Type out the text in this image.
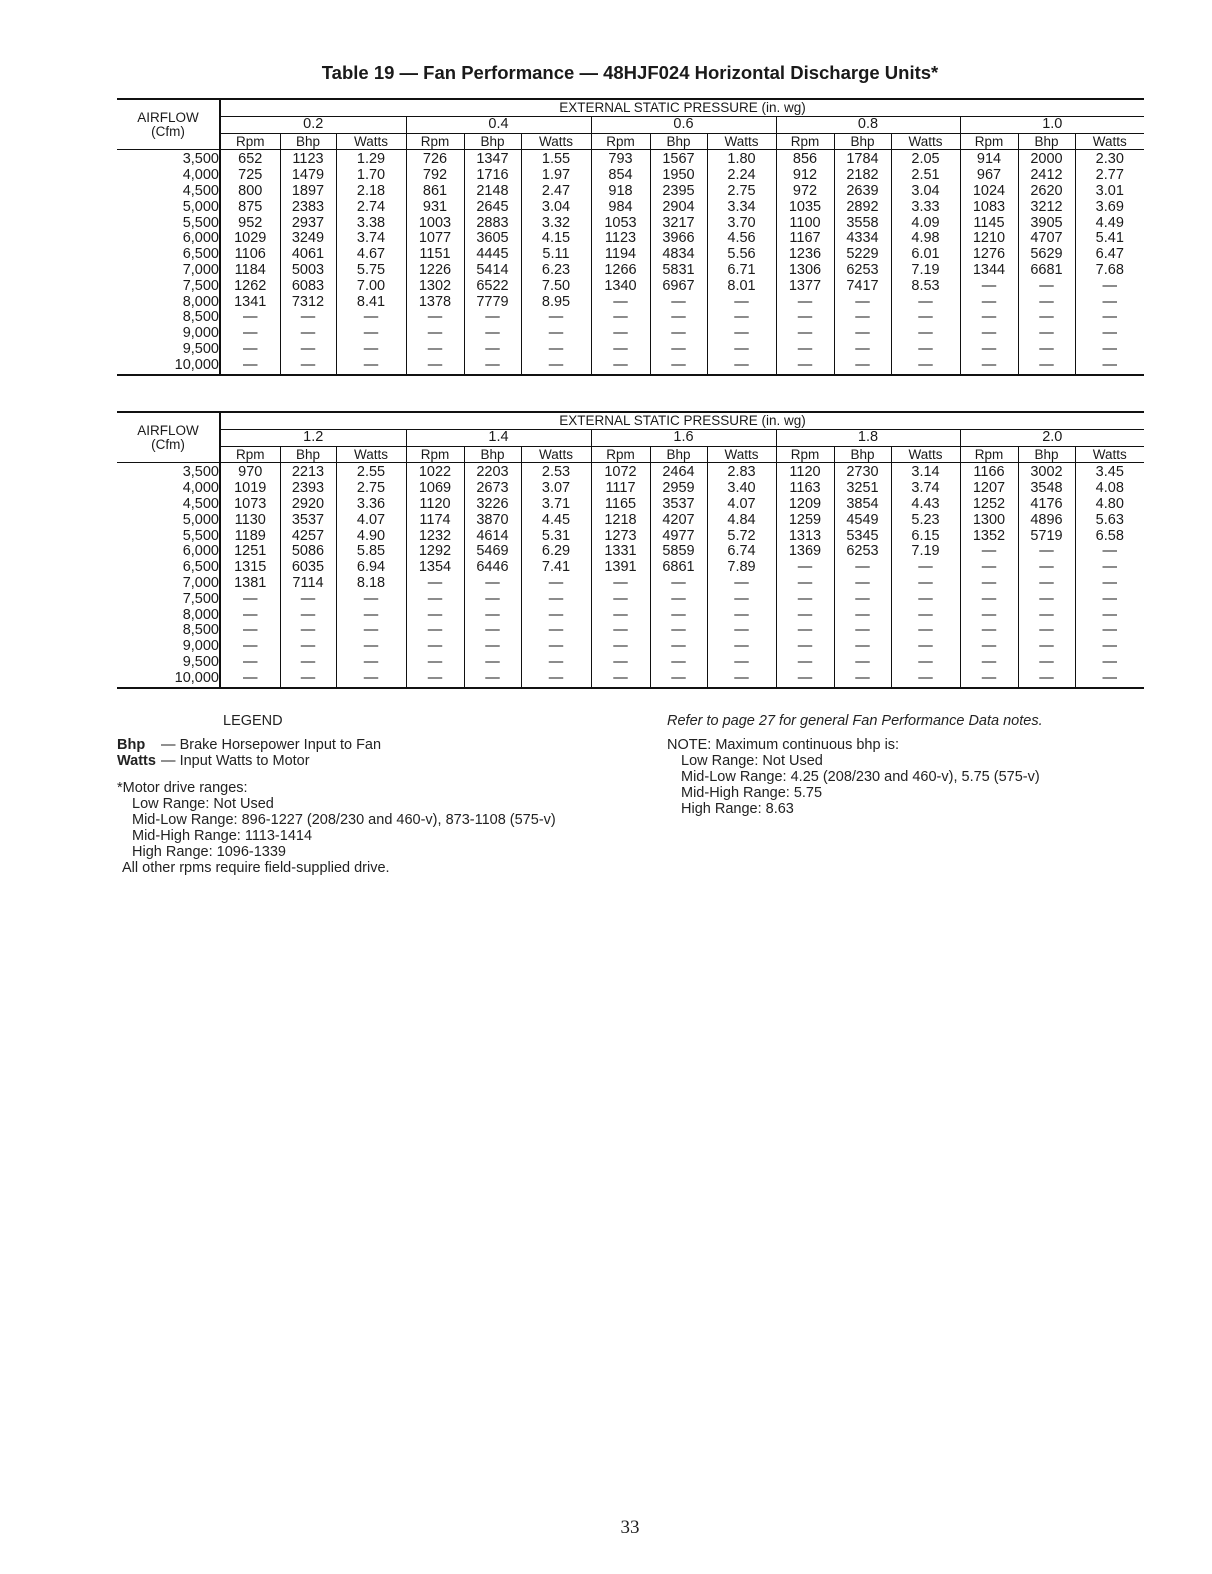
Table 19 — Fan Performance — 48HJF024 Horizontal Discharge Units*
AIRFLOW
(Cfm)	EXTERNAL STATIC PRESSURE (in. wg)														
	0.2			0.4			0.6			0.8			1.0		
	Rpm	Bhp	Watts	Rpm	Bhp	Watts	Rpm	Bhp	Watts	Rpm	Bhp	Watts	Rpm	Bhp	Watts
3,500	652	1123	1.29	726	1347	1.55	793	1567	1.80	856	1784	2.05	914	2000	2.30
4,000	725	1479	1.70	792	1716	1.97	854	1950	2.24	912	2182	2.51	967	2412	2.77
4,500	800	1897	2.18	861	2148	2.47	918	2395	2.75	972	2639	3.04	1024	2620	3.01
5,000	875	2383	2.74	931	2645	3.04	984	2904	3.34	1035	2892	3.33	1083	3212	3.69
5,500	952	2937	3.38	1003	2883	3.32	1053	3217	3.70	1100	3558	4.09	1145	3905	4.49
6,000	1029	3249	3.74	1077	3605	4.15	1123	3966	4.56	1167	4334	4.98	1210	4707	5.41
6,500	1106	4061	4.67	1151	4445	5.11	1194	4834	5.56	1236	5229	6.01	1276	5629	6.47
7,000	1184	5003	5.75	1226	5414	6.23	1266	5831	6.71	1306	6253	7.19	1344	6681	7.68
7,500	1262	6083	7.00	1302	6522	7.50	1340	6967	8.01	1377	7417	8.53	—	—	—
8,000	1341	7312	8.41	1378	7779	8.95	—	—	—	—	—	—	—	—	—
8,500	—	—	—	—	—	—	—	—	—	—	—	—	—	—	—
9,000	—	—	—	—	—	—	—	—	—	—	—	—	—	—	—
9,500	—	—	—	—	—	—	—	—	—	—	—	—	—	—	—
10,000	—	—	—	—	—	—	—	—	—	—	—	—	—	—	—
AIRFLOW
(Cfm)	EXTERNAL STATIC PRESSURE (in. wg)														
	1.2			1.4			1.6			1.8			2.0		
	Rpm	Bhp	Watts	Rpm	Bhp	Watts	Rpm	Bhp	Watts	Rpm	Bhp	Watts	Rpm	Bhp	Watts
3,500	970	2213	2.55	1022	2203	2.53	1072	2464	2.83	1120	2730	3.14	1166	3002	3.45
4,000	1019	2393	2.75	1069	2673	3.07	1117	2959	3.40	1163	3251	3.74	1207	3548	4.08
4,500	1073	2920	3.36	1120	3226	3.71	1165	3537	4.07	1209	3854	4.43	1252	4176	4.80
5,000	1130	3537	4.07	1174	3870	4.45	1218	4207	4.84	1259	4549	5.23	1300	4896	5.63
5,500	1189	4257	4.90	1232	4614	5.31	1273	4977	5.72	1313	5345	6.15	1352	5719	6.58
6,000	1251	5086	5.85	1292	5469	6.29	1331	5859	6.74	1369	6253	7.19	—	—	—
6,500	1315	6035	6.94	1354	6446	7.41	1391	6861	7.89	—	—	—	—	—	—
7,000	1381	7114	8.18	—	—	—	—	—	—	—	—	—	—	—	—
7,500	—	—	—	—	—	—	—	—	—	—	—	—	—	—	—
8,000	—	—	—	—	—	—	—	—	—	—	—	—	—	—	—
8,500	—	—	—	—	—	—	—	—	—	—	—	—	—	—	—
9,000	—	—	—	—	—	—	—	—	—	—	—	—	—	—	—
9,500	—	—	—	—	—	—	—	—	—	—	—	—	—	—	—
10,000	—	—	—	—	—	—	—	—	—	—	—	—	—	—	—
LEGEND
Bhp — Brake Horsepower Input to Fan
Watts — Input Watts to Motor
*Motor drive ranges:
Low Range: Not Used
Mid-Low Range: 896-1227 (208/230 and 460-v), 873-1108 (575-v)
Mid-High Range: 1113-1414
High Range: 1096-1339
All other rpms require field-supplied drive.
Refer to page 27 for general Fan Performance Data notes.
NOTE: Maximum continuous bhp is:
Low Range: Not Used
Mid-Low Range: 4.25 (208/230 and 460-v), 5.75 (575-v)
Mid-High Range: 5.75
High Range: 8.63
33
